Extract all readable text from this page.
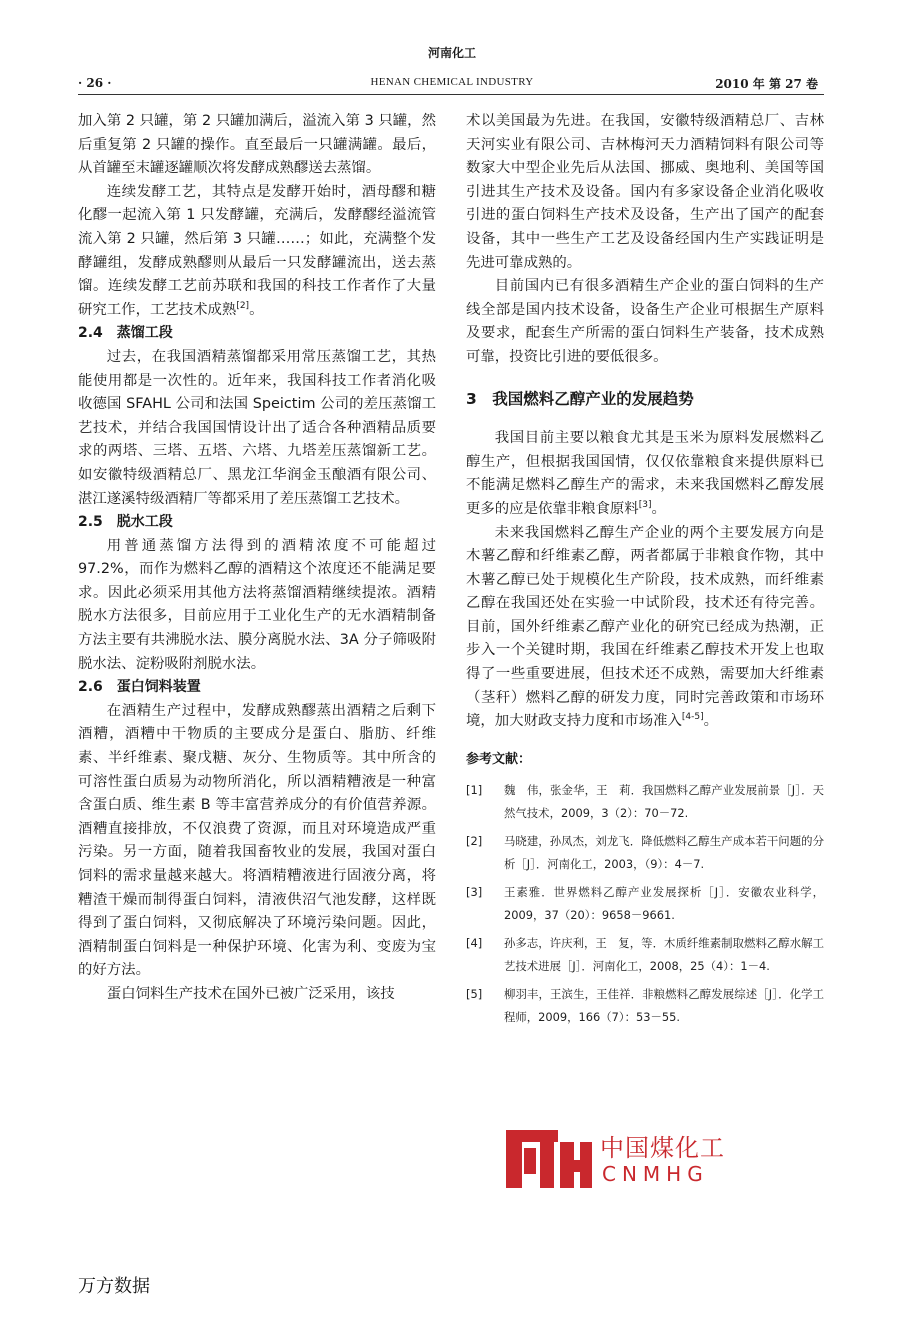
河南化工
· 26 ·	HENAN CHEMICAL INDUSTRY	2010 年 第 27 卷

加入第 2 只罐，第 2 只罐加满后，溢流入第 3 只罐，然后重复第 2 只罐的操作。直至最后一只罐满罐。最后，从首罐至末罐逐罐顺次将发酵成熟醪送去蒸馏。

连续发酵工艺，其特点是发酵开始时，酒母醪和糖化醪一起流入第 1 只发酵罐，充满后，发酵醪经溢流管流入第 2 只罐，然后第 3 只罐……；如此，充满整个发酵罐组，发酵成熟醪则从最后一只发酵罐流出，送去蒸馏。连续发酵工艺前苏联和我国的科技工作者作了大量研究工作，工艺技术成熟[2]。

2.4　蒸馏工段

过去，在我国酒精蒸馏都采用常压蒸馏工艺，其热能使用都是一次性的。近年来，我国科技工作者消化吸收德国 SFAHL 公司和法国 Speictim 公司的差压蒸馏工艺技术，并结合我国国情设计出了适合各种酒精品质要求的两塔、三塔、五塔、六塔、九塔差压蒸馏新工艺。如安徽特级酒精总厂、黑龙江华润金玉酿酒有限公司、湛江遂溪特级酒精厂等都采用了差压蒸馏工艺技术。

2.5　脱水工段

用普通蒸馏方法得到的酒精浓度不可能超过 97.2%，而作为燃料乙醇的酒精这个浓度还不能满足要求。因此必须采用其他方法将蒸馏酒精继续提浓。酒精脱水方法很多，目前应用于工业化生产的无水酒精制备方法主要有共沸脱水法、膜分离脱水法、3A 分子筛吸附脱水法、淀粉吸附剂脱水法。

2.6　蛋白饲料装置

在酒精生产过程中，发酵成熟醪蒸出酒精之后剩下酒糟，酒糟中干物质的主要成分是蛋白、脂肪、纤维素、半纤维素、聚戊糖、灰分、生物质等。其中所含的可溶性蛋白质易为动物所消化，所以酒精糟液是一种富含蛋白质、维生素 B 等丰富营养成分的有价值营养源。酒糟直接排放，不仅浪费了资源，而且对环境造成严重污染。另一方面，随着我国畜牧业的发展，我国对蛋白饲料的需求量越来越大。将酒精糟液进行固液分离，将糟渣干燥而制得蛋白饲料，清液供沼气池发酵，这样既得到了蛋白饲料，又彻底解决了环境污染问题。因此，酒精制蛋白饲料是一种保护环境、化害为利、变废为宝的好方法。

蛋白饲料生产技术在国外已被广泛采用，该技

术以美国最为先进。在我国，安徽特级酒精总厂、吉林天河实业有限公司、吉林梅河天力酒精饲料有限公司等数家大中型企业先后从法国、挪威、奥地利、美国等国引进其生产技术及设备。国内有多家设备企业消化吸收引进的蛋白饲料生产技术及设备，生产出了国产的配套设备，其中一些生产工艺及设备经国内生产实践证明是先进可靠成熟的。

目前国内已有很多酒精生产企业的蛋白饲料的生产线全部是国内技术设备，设备生产企业可根据生产原料及要求，配套生产所需的蛋白饲料生产装备，技术成熟可靠，投资比引进的要低很多。

3　我国燃料乙醇产业的发展趋势

我国目前主要以粮食尤其是玉米为原料发展燃料乙醇生产，但根据我国国情，仅仅依靠粮食来提供原料已不能满足燃料乙醇生产的需求，未来我国燃料乙醇发展更多的应是依靠非粮食原料[3]。

未来我国燃料乙醇生产企业的两个主要发展方向是木薯乙醇和纤维素乙醇，两者都属于非粮食作物，其中木薯乙醇已处于规模化生产阶段，技术成熟，而纤维素乙醇在我国还处在实验一中试阶段，技术还有待完善。目前，国外纤维素乙醇产业化的研究已经成为热潮，正步入一个关键时期，我国在纤维素乙醇技术开发上也取得了一些重要进展，但技术还不成熟，需要加大纤维素（茎秆）燃料乙醇的研发力度，同时完善政策和市场环境，加大财政支持力度和市场准入[4-5]。

参考文献：
[1] 魏　伟，张金华，王　莉．我国燃料乙醇产业发展前景［J］．天然气技术，2009，3（2）：70－72.
[2] 马晓建，孙凤杰，刘龙飞．降低燃料乙醇生产成本若干问题的分析［J］．河南化工，2003，（9）：4－7.
[3] 王素雅．世界燃料乙醇产业发展探析［J］．安徽农业科学，2009，37（20）：9658－9661.
[4] 孙多志，许庆利，王　复，等．木质纤维素制取燃料乙醇水解工艺技术进展［J］．河南化工，2008，25（4）：1－4.
[5] 柳羽丰，王滨生，王佳祥．非粮燃料乙醇发展综述［J］．化学工程师，2009，166（7）：53－55.
中国煤化工
CNMHG
万方数据
